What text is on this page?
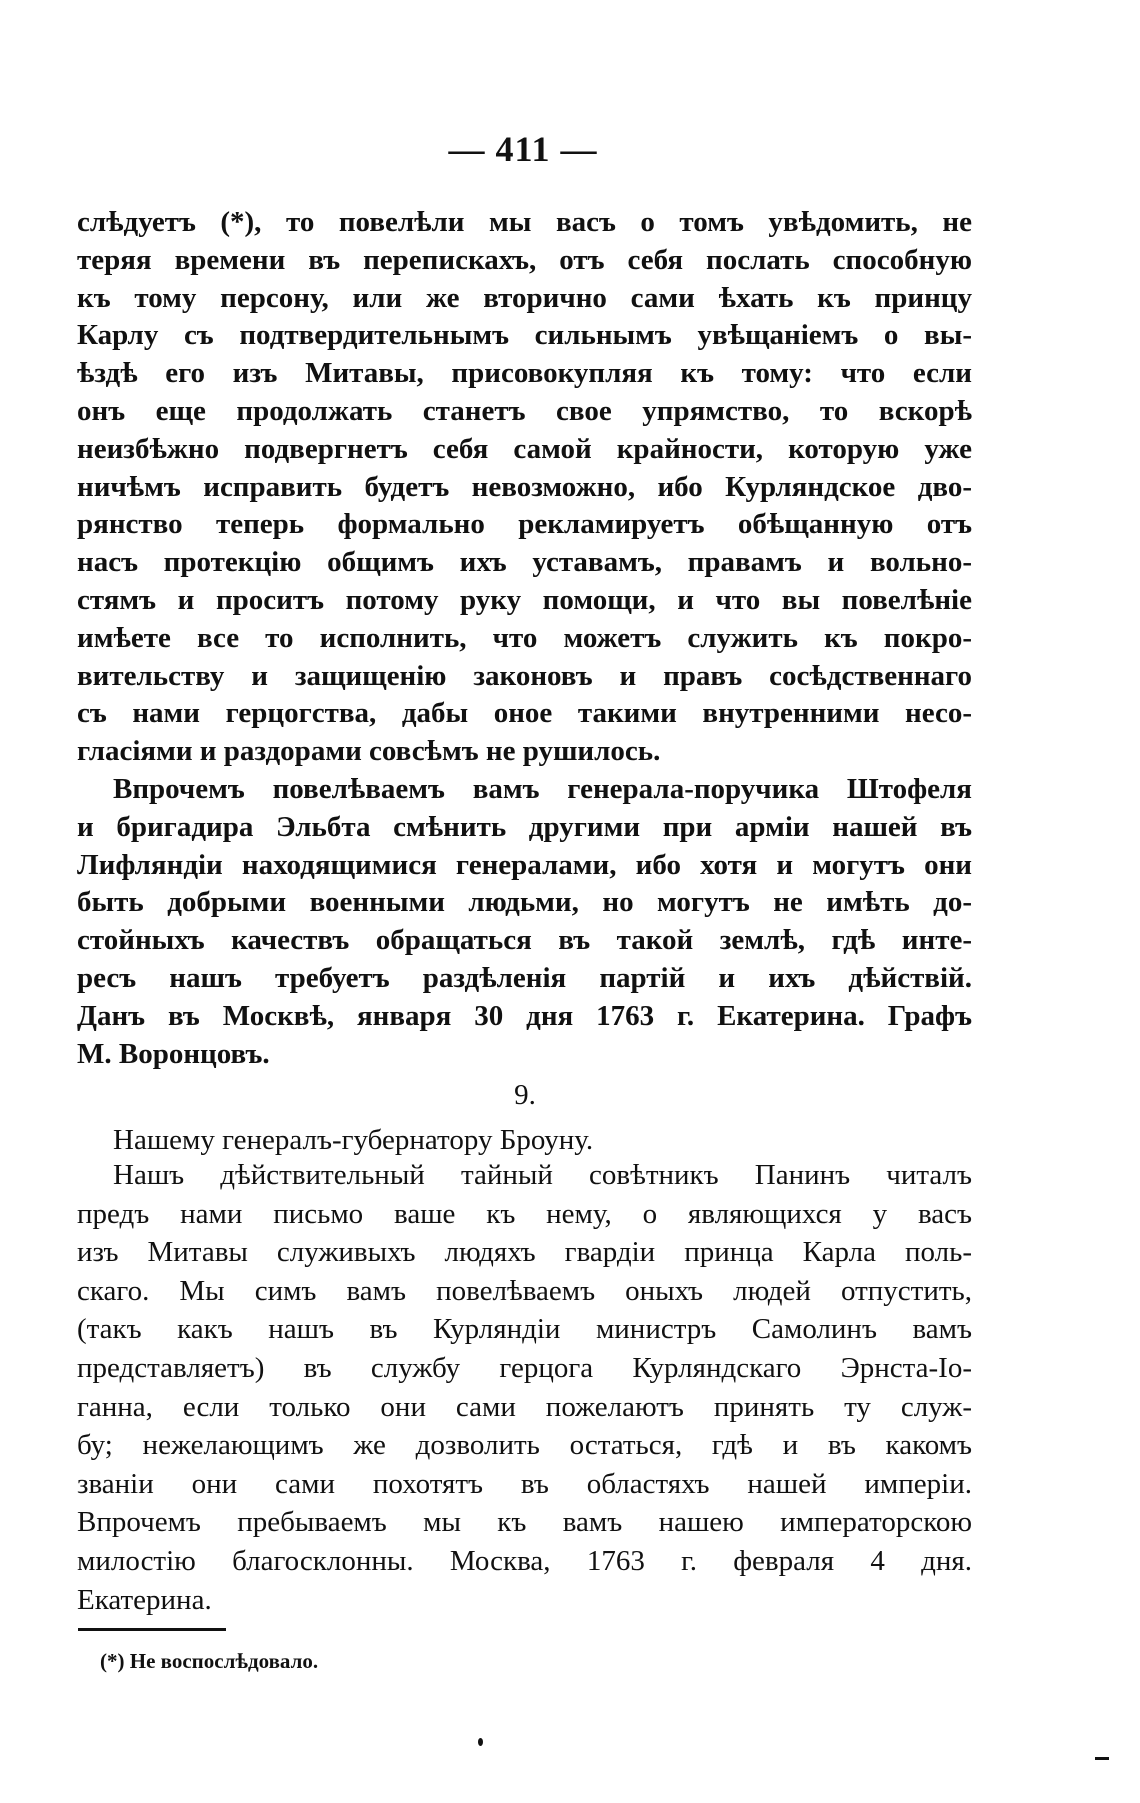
— 411 —
слѣдуетъ (*), то повелѣли мы васъ о томъ увѣдомить, не
теряя времени въ перепискахъ, отъ себя послать способную
къ тому персону, или же вторично сами ѣхать къ принцу
Карлу съ подтвердительнымъ сильнымъ увѣщаніемъ о вы-
ѣздѣ его изъ Митавы, присовокупляя къ тому: что если
онъ еще продолжать станетъ свое упрямство, то вскорѣ
неизбѣжно подвергнетъ себя самой крайности, которую уже
ничѣмъ исправить будетъ невозможно, ибо Курляндское дво-
рянство теперь формально рекламируетъ обѣщанную отъ
насъ протекцію общимъ ихъ уставамъ, правамъ и вольно-
стямъ и проситъ потому руку помощи, и что вы повелѣніе
имѣете все то исполнить, что можетъ служить къ покро-
вительству и защищенію законовъ и правъ сосѣдственнаго
съ нами герцогства, дабы оное такими внутренними несо-
гласіями и раздорами совсѣмъ не рушилось.
Впрочемъ повелѣваемъ вамъ генерала-поручика Штофеля
и бригадира Эльбта смѣнить другими при арміи нашей въ
Лифляндіи находящимися генералами, ибо хотя и могутъ они
быть добрыми военными людьми, но могутъ не имѣть до-
стойныхъ качествъ обращаться въ такой землѣ, гдѣ инте-
ресъ нашъ требуетъ раздѣленія партій и ихъ дѣйствій.
Данъ въ Москвѣ, января 30 дня 1763 г. Екатерина. Графъ
М. Воронцовъ.
9.
Нашему генералъ-губернатору Броуну.
Нашъ дѣйствительный тайный совѣтникъ Панинъ читалъ
предъ нами письмо ваше къ нему, о являющихся у васъ
изъ Митавы служивыхъ людяхъ гвардіи принца Карла поль-
скаго. Мы симъ вамъ повелѣваемъ оныхъ людей отпустить,
(такъ какъ нашъ въ Курляндіи министръ Самолинъ вамъ
представляетъ) въ службу герцога Курляндскаго Эрнста-Іо-
ганна, если только они сами пожелаютъ принять ту служ-
бу; нежелающимъ же дозволить остаться, гдѣ и въ какомъ
званіи они сами похотятъ въ областяхъ нашей имперіи.
Впрочемъ пребываемъ мы къ вамъ нашею императорскою
милостію благосклонны. Москва, 1763 г. февраля 4 дня.
Екатерина.
(*) Не воспослѣдовало.
